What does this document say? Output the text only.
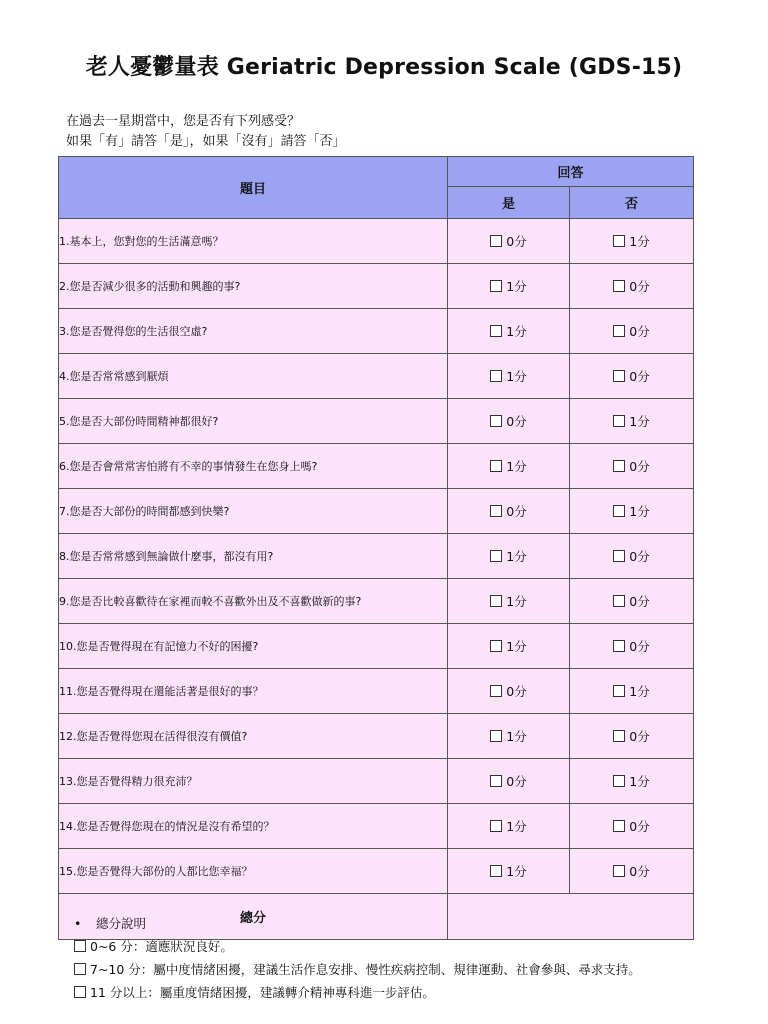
老人憂鬱量表 Geriatric Depression Scale (GDS-15)
在過去一星期當中，您是否有下列感受？
如果「有」請答「是」，如果「沒有」請答「否」
題目	回答	
	是	否
1.基本上，您對您的生活滿意嗎？	0分	1分
2.您是否減少很多的活動和興趣的事?	1分	0分
3.您是否覺得您的生活很空虛?	1分	0分
4.您是否常常感到厭煩	1分	0分
5.您是否大部份時間精神都很好?	0分	1分
6.您是否會常常害怕將有不幸的事情發生在您身上嗎?	1分	0分
7.您是否大部份的時間都感到快樂?	0分	1分
8.您是否常常感到無論做什麼事，都沒有用?	1分	0分
9.您是否比較喜歡待在家裡而較不喜歡外出及不喜歡做新的事?	1分	0分
10.您是否覺得現在有記憶力不好的困擾?	1分	0分
11.您是否覺得現在還能活著是很好的事？	0分	1分
12.您是否覺得您現在活得很沒有價值?	1分	0分
13.您是否覺得精力很充沛？	0分	1分
14.您是否覺得您現在的情況是沒有希望的？	1分	0分
15.您是否覺得大部份的人都比您幸福？	1分	0分
總分		
• 總分說明
0~6 分：適應狀況良好。
7~10 分：屬中度情緒困擾，建議生活作息安排、慢性疾病控制、規律運動、社會參與、尋求支持。
11 分以上：屬重度情緒困擾，建議轉介精神專科進一步評估。
